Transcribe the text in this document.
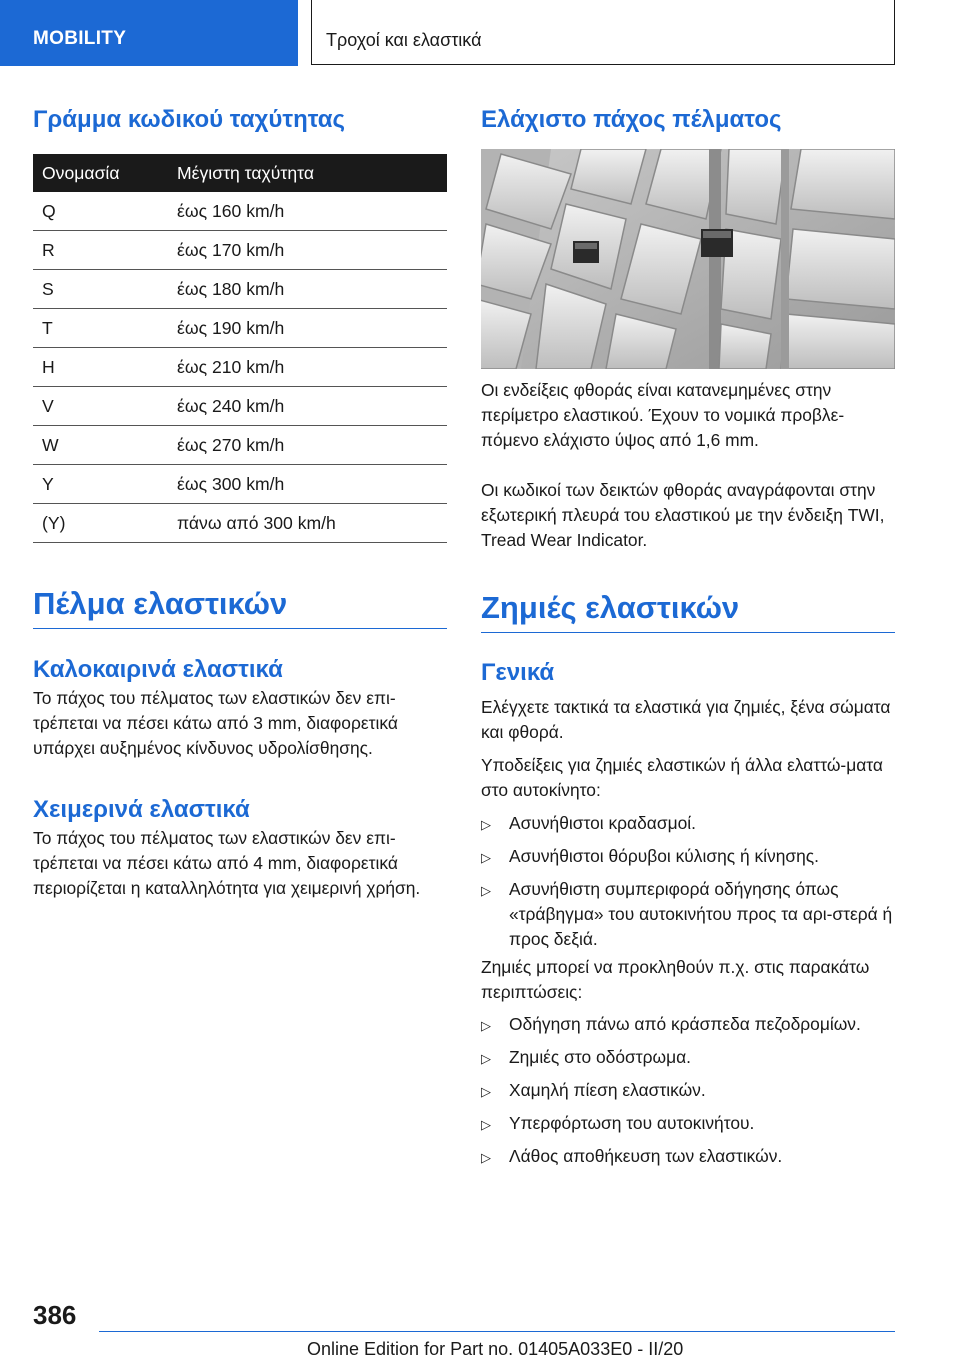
MOBILITY	Τροχοί και ελαστικά
Γράμμα κωδικού ταχύτητας
Ονομασία	Μέγιστη ταχύτητα
Q	έως 160 km/h
R	έως 170 km/h
S	έως 180 km/h
T	έως 190 km/h
H	έως 210 km/h
V	έως 240 km/h
W	έως 270 km/h
Y	έως 300 km/h
(Y)	πάνω από 300 km/h
Πέλμα ελαστικών
Καλοκαιρινά ελαστικά
Το πάχος του πέλματος των ελαστικών δεν επι-τρέπεται να πέσει κάτω από 3 mm, διαφορετικά υπάρχει αυξημένος κίνδυνος υδρολίσθησης.
Χειμερινά ελαστικά
Το πάχος του πέλματος των ελαστικών δεν επι-τρέπεται να πέσει κάτω από 4 mm, διαφορετικά περιορίζεται η καταλληλότητα για χειμερινή χρήση.
Ελάχιστο πάχος πέλματος
Οι ενδείξεις φθοράς είναι κατανεμημένες στην περίμετρο ελαστικού. Έχουν το νομικά προβλε-πόμενο ελάχιστο ύψος από 1,6 mm.
Οι κωδικοί των δεικτών φθοράς αναγράφονται στην εξωτερική πλευρά του ελαστικού με την ένδειξη TWI, Tread Wear Indicator.
Ζημιές ελαστικών
Γενικά
Ελέγχετε τακτικά τα ελαστικά για ζημιές, ξένα σώματα και φθορά.
Υποδείξεις για ζημιές ελαστικών ή άλλα ελαττώ-ματα στο αυτοκίνητο:
▷	Ασυνήθιστοι κραδασμοί.
▷	Ασυνήθιστοι θόρυβοι κύλισης ή κίνησης.
▷	Ασυνήθιστη συμπεριφορά οδήγησης όπως «τράβηγμα» του αυτοκινήτου προς τα αρι-στερά ή προς δεξιά.
Ζημιές μπορεί να προκληθούν π.χ. στις παρακάτω περιπτώσεις:
▷	Οδήγηση πάνω από κράσπεδα πεζοδρομίων.
▷	Ζημιές στο οδόστρωμα.
▷	Χαμηλή πίεση ελαστικών.
▷	Υπερφόρτωση του αυτοκινήτου.
▷	Λάθος αποθήκευση των ελαστικών.
386
Online Edition for Part no. 01405A033E0 - II/20
